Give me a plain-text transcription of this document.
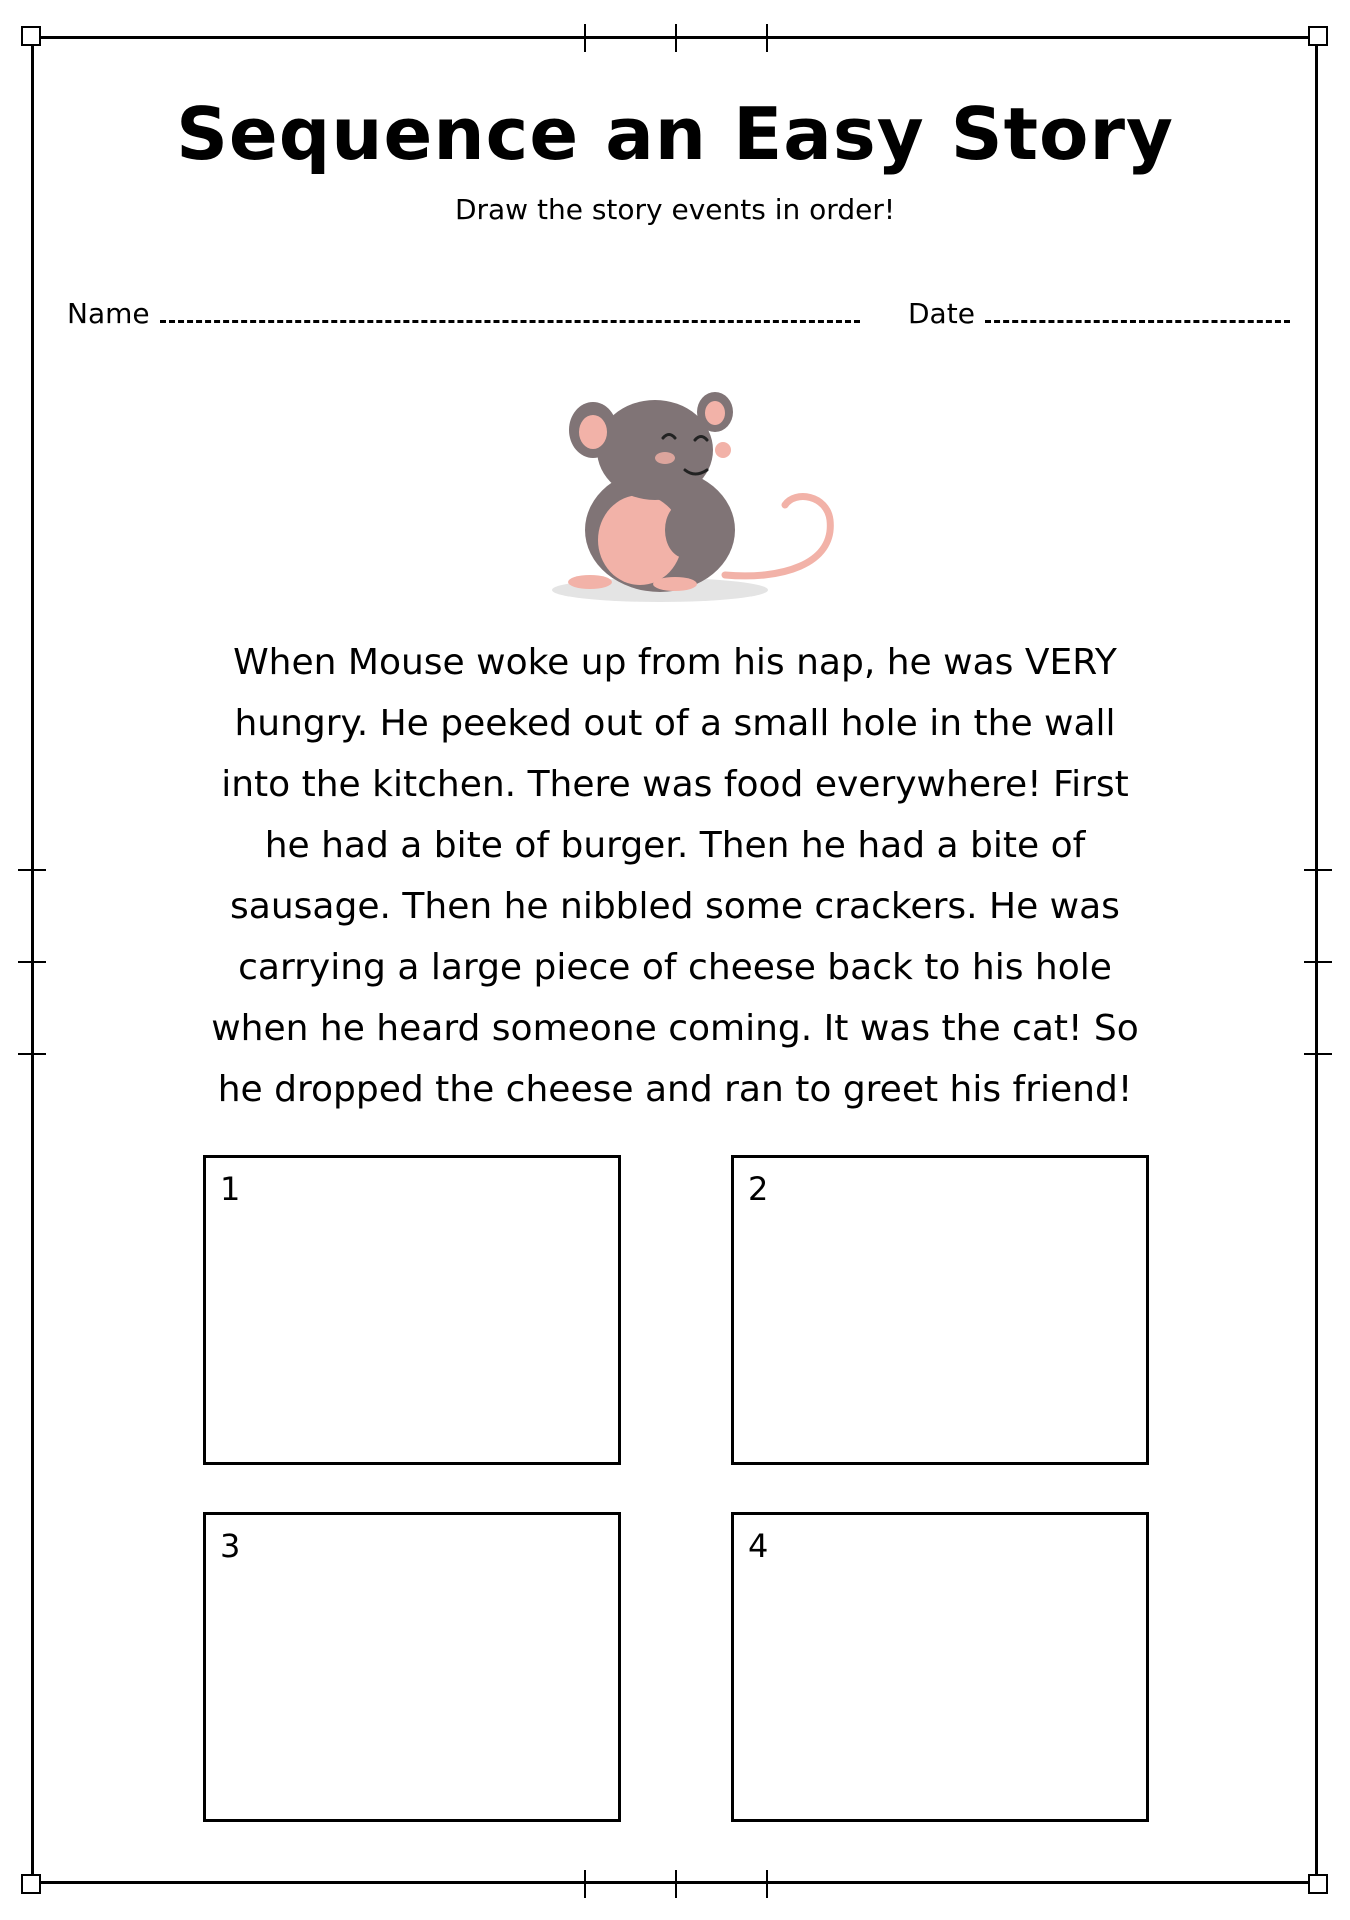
Sequence an Easy Story

Draw the story events in order!

Name	Date

When Mouse woke up from his nap, he was VERY hungry. He peeked out of a small hole in the wall into the kitchen. There was food everywhere! First he had a bite of burger. Then he had a bite of sausage. Then he nibbled some crackers. He was carrying a large piece of cheese back to his hole when he heard someone coming. It was the cat! So he dropped the cheese and ran to greet his friend!

1	2
3	4
